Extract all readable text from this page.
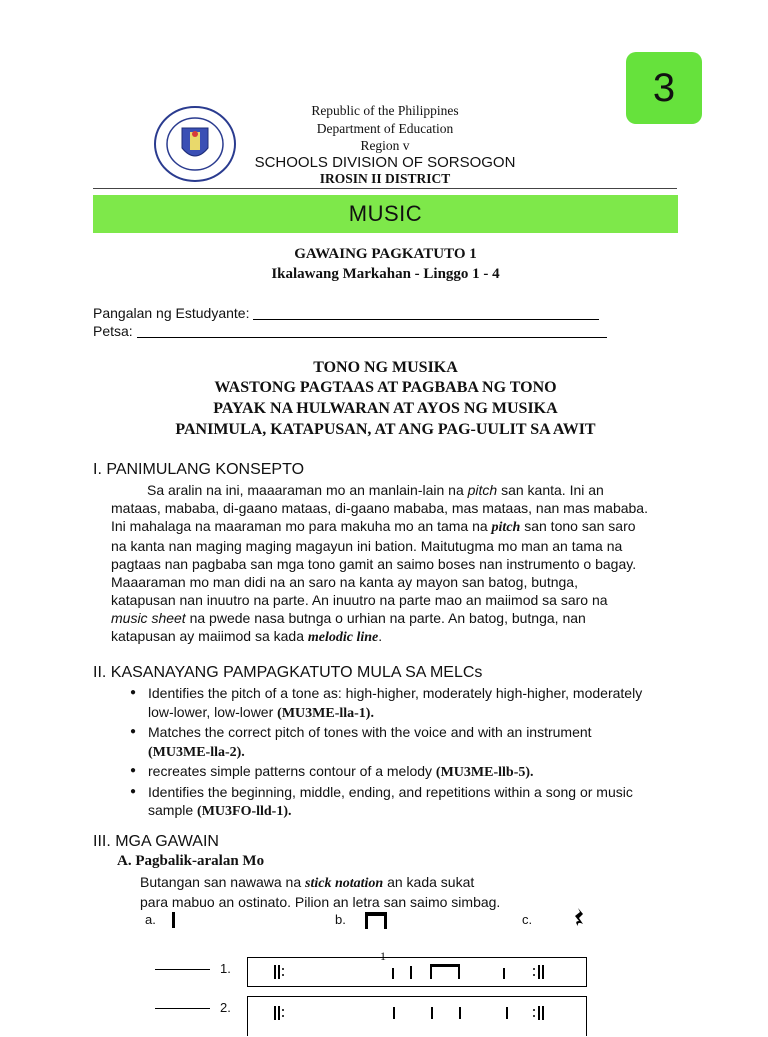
3
Republic of the Philippines
Department of Education
Region v
SCHOOLS DIVISION OF SORSOGON
IROSIN II DISTRICT
MUSIC
GAWAING PAGKATUTO 1
Ikalawang Markahan - Linggo 1 - 4
Pangalan ng Estudyante:
Petsa:
TONO NG MUSIKA
WASTONG PAGTAAS AT PAGBABA NG TONO
PAYAK NA HULWARAN AT AYOS NG MUSIKA
PANIMULA, KATAPUSAN, AT ANG PAG-UULIT SA AWIT
I. PANIMULANG KONSEPTO
Sa aralin na ini, maaaraman mo an manlain-lain na pitch san kanta. Ini an
mataas, mababa, di-gaano mataas, di-gaano mababa, mas mataas, nan mas mababa.
Ini mahalaga na maaraman mo para makuha mo an tama na pitch san tono san saro
na kanta nan maging maging magayun ini bation. Maitutugma mo man an tama na
pagtaas nan pagbaba san mga tono gamit an saimo boses nan instrumento o bagay.
Maaaraman mo man didi na an saro na kanta ay mayon san batog, butnga,
katapusan nan inuutro na parte. An inuutro na parte mao an maiimod sa saro na
music sheet na pwede nasa butnga o urhian na parte. An batog, butnga, nan
katapusan ay maiimod sa kada melodic line.
II. KASANAYANG PAMPAGKATUTO MULA SA MELCs
● Identifies the pitch of a tone as: high-higher, moderately high-higher, moderately low-lower, low-lower (MU3ME-lla-1).
● Matches the correct pitch of tones with the voice and with an instrument (MU3ME-lla-2).
● recreates simple patterns contour of a melody (MU3ME-llb-5).
● Identifies the beginning, middle, ending, and repetitions within a song or music sample (MU3FO-lld-1).
III. MGA GAWAIN
A. Pagbalik-aralan Mo
Butangan san nawawa na stick notation an kada sukat
para mabuo an ostinato. Pilion an letra san saimo simbag.
a.	b.	c.
1
1.
2.
